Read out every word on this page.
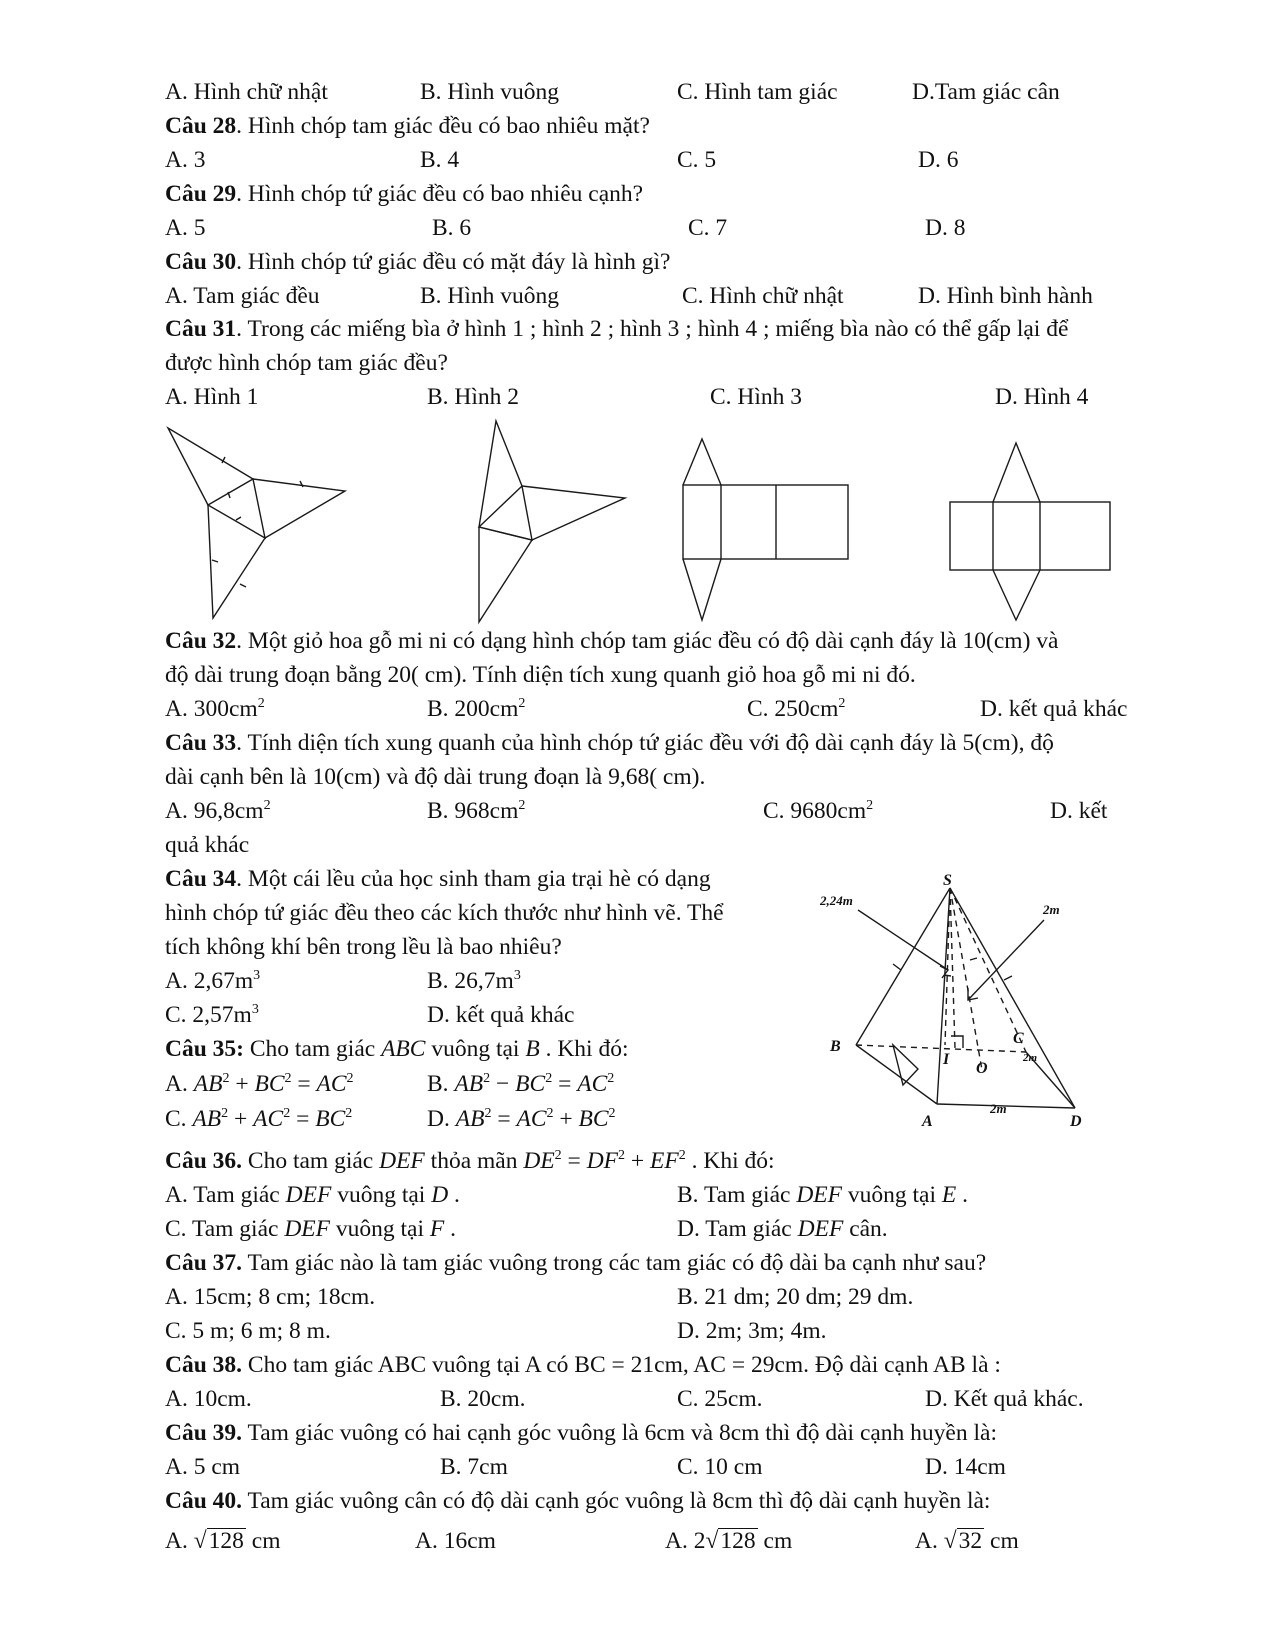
A. Hình chữ nhật	B. Hình vuông	C. Hình tam giác	D.Tam giác cân
Câu 28. Hình chóp tam giác đều có bao nhiêu mặt?
A. 3	B. 4	C. 5	D. 6
Câu 29. Hình chóp tứ giác đều có bao nhiêu cạnh?
A. 5	B. 6	C. 7	D. 8
Câu 30. Hình chóp tứ giác đều có mặt đáy là hình gì?
A. Tam giác đều	B. Hình vuông	C. Hình chữ nhật	D. Hình bình hành
Câu 31. Trong các miếng bìa ở hình 1 ; hình 2 ; hình 3 ; hình 4 ; miếng bìa nào có thể gấp lại để
được hình chóp tam giác đều?
A. Hình 1	B. Hình 2	C. Hình 3	D. Hình 4
Câu 32. Một giỏ hoa gỗ mi ni có dạng hình chóp tam giác đều có độ dài cạnh đáy là 10(cm) và
độ dài trung đoạn bằng 20( cm). Tính diện tích xung quanh giỏ hoa gỗ mi ni đó.
A. $300cm^2$	B. $200cm^2$	C. $250cm^2$	D. kết quả khác
Câu 33. Tính diện tích xung quanh của hình chóp tứ giác đều với độ dài cạnh đáy là 5(cm), độ
dài cạnh bên là 10(cm) và độ dài trung đoạn là 9,68( cm).
A. $96,8cm^2$	B. $968cm^2$	C. $9680cm^2$	D. kết
quả khác
Câu 34. Một cái lều của học sinh tham gia trại hè có dạng
hình chóp tứ giác đều theo các kích thước như hình vẽ. Thể
tích không khí bên trong lều là bao nhiêu?
A. $2,67m^3$	B. $26,7m^3$
C. $2,57m^3$	D. kết quả khác
Câu 35: Cho tam giác ABC vuông tại B . Khi đó:
A. $AB^2 + BC^2 = AC^2$	B. $AB^2 - BC^2 = AC^2$
C. $AB^2 + AC^2 = BC^2$	D. $AB^2 = AC^2 + BC^2$
Câu 36. Cho tam giác DEF thỏa mãn $DE^2 = DF^2 + EF^2$ . Khi đó:
A. Tam giác DEF vuông tại D .	B. Tam giác DEF vuông tại E .
C. Tam giác DEF vuông tại F .	D. Tam giác DEF cân.
Câu 37. Tam giác nào là tam giác vuông trong các tam giác có độ dài ba cạnh như sau?
A. 15cm; 8 cm; 18cm.	B. 21 dm; 20 dm; 29 dm.
C. 5 m; 6 m; 8 m.	D. 2m; 3m; 4m.
Câu 38. Cho tam giác ABC vuông tại A có BC = 21cm, AC = 29cm. Độ dài cạnh AB là :
A. 10cm.	B. 20cm.	C. 25cm.	D. Kết quả khác.
Câu 39. Tam giác vuông có hai cạnh góc vuông là 6cm và 8cm thì độ dài cạnh huyền là:
A. 5 cm	B. 7cm	C. 10 cm	D. 14cm
Câu 40. Tam giác vuông cân có độ dài cạnh góc vuông là 8cm thì độ dài cạnh huyền là:
A. √128 cm	A. 16cm	A. 2√128 cm	A. √32 cm
S
2,24m
2m
B	C
I
O
2m
A
2m
D
